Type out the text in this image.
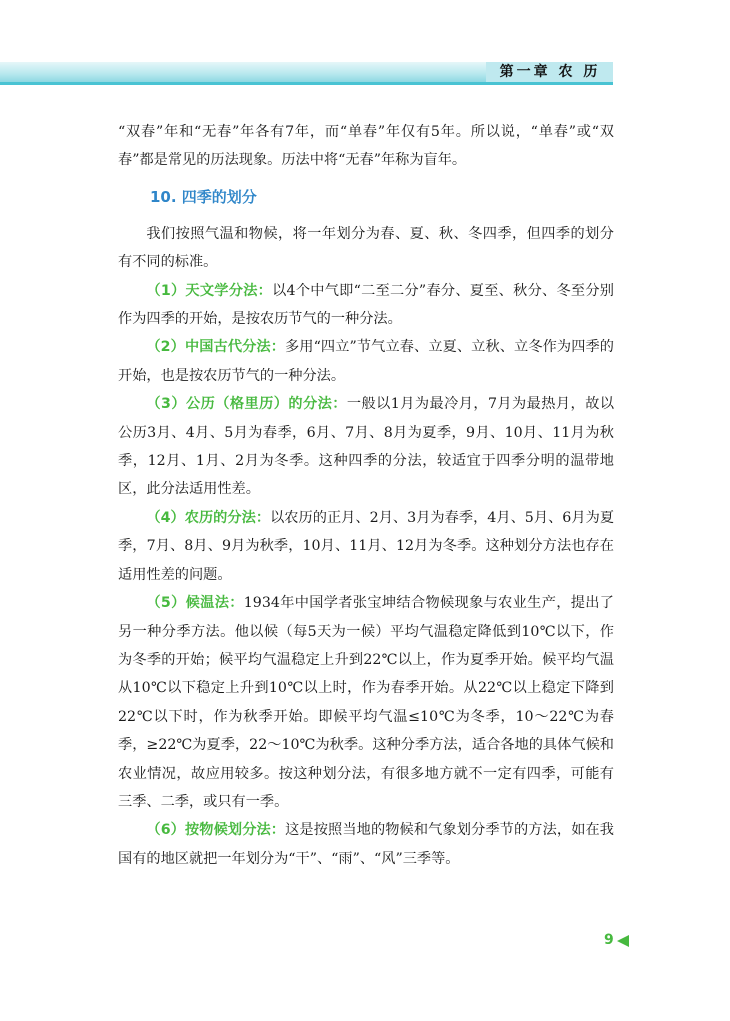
第一章 农 历

“双春”年和“无春”年各有7年，而“单春”年仅有5年。所以说，“单春”或“双春”都是常见的历法现象。历法中将“无春”年称为盲年。

10. 四季的划分

我们按照气温和物候，将一年划分为春、夏、秋、冬四季，但四季的划分有不同的标准。

（1）天文学分法：以4个中气即“二至二分”春分、夏至、秋分、冬至分别作为四季的开始，是按农历节气的一种分法。

（2）中国古代分法：多用“四立”节气立春、立夏、立秋、立冬作为四季的开始，也是按农历节气的一种分法。

（3）公历（格里历）的分法：一般以1月为最冷月，7月为最热月，故以公历3月、4月、5月为春季，6月、7月、8月为夏季，9月、10月、11月为秋季，12月、1月、2月为冬季。这种四季的分法，较适宜于四季分明的温带地区，此分法适用性差。

（4）农历的分法：以农历的正月、2月、3月为春季，4月、5月、6月为夏季，7月、8月、9月为秋季，10月、11月、12月为冬季。这种划分方法也存在适用性差的问题。

（5）候温法：1934年中国学者张宝坤结合物候现象与农业生产，提出了另一种分季方法。他以候（每5天为一候）平均气温稳定降低到10℃以下，作为冬季的开始；候平均气温稳定上升到22℃以上，作为夏季开始。候平均气温从10℃以下稳定上升到10℃以上时，作为春季开始。从22℃以上稳定下降到22℃以下时，作为秋季开始。即候平均气温≤10℃为冬季，10～22℃为春季，≥22℃为夏季，22～10℃为秋季。这种分季方法，适合各地的具体气候和农业情况，故应用较多。按这种划分法，有很多地方就不一定有四季，可能有三季、二季，或只有一季。

（6）按物候划分法：这是按照当地的物候和气象划分季节的方法，如在我国有的地区就把一年划分为“干”、“雨”、“风”三季等。

9
